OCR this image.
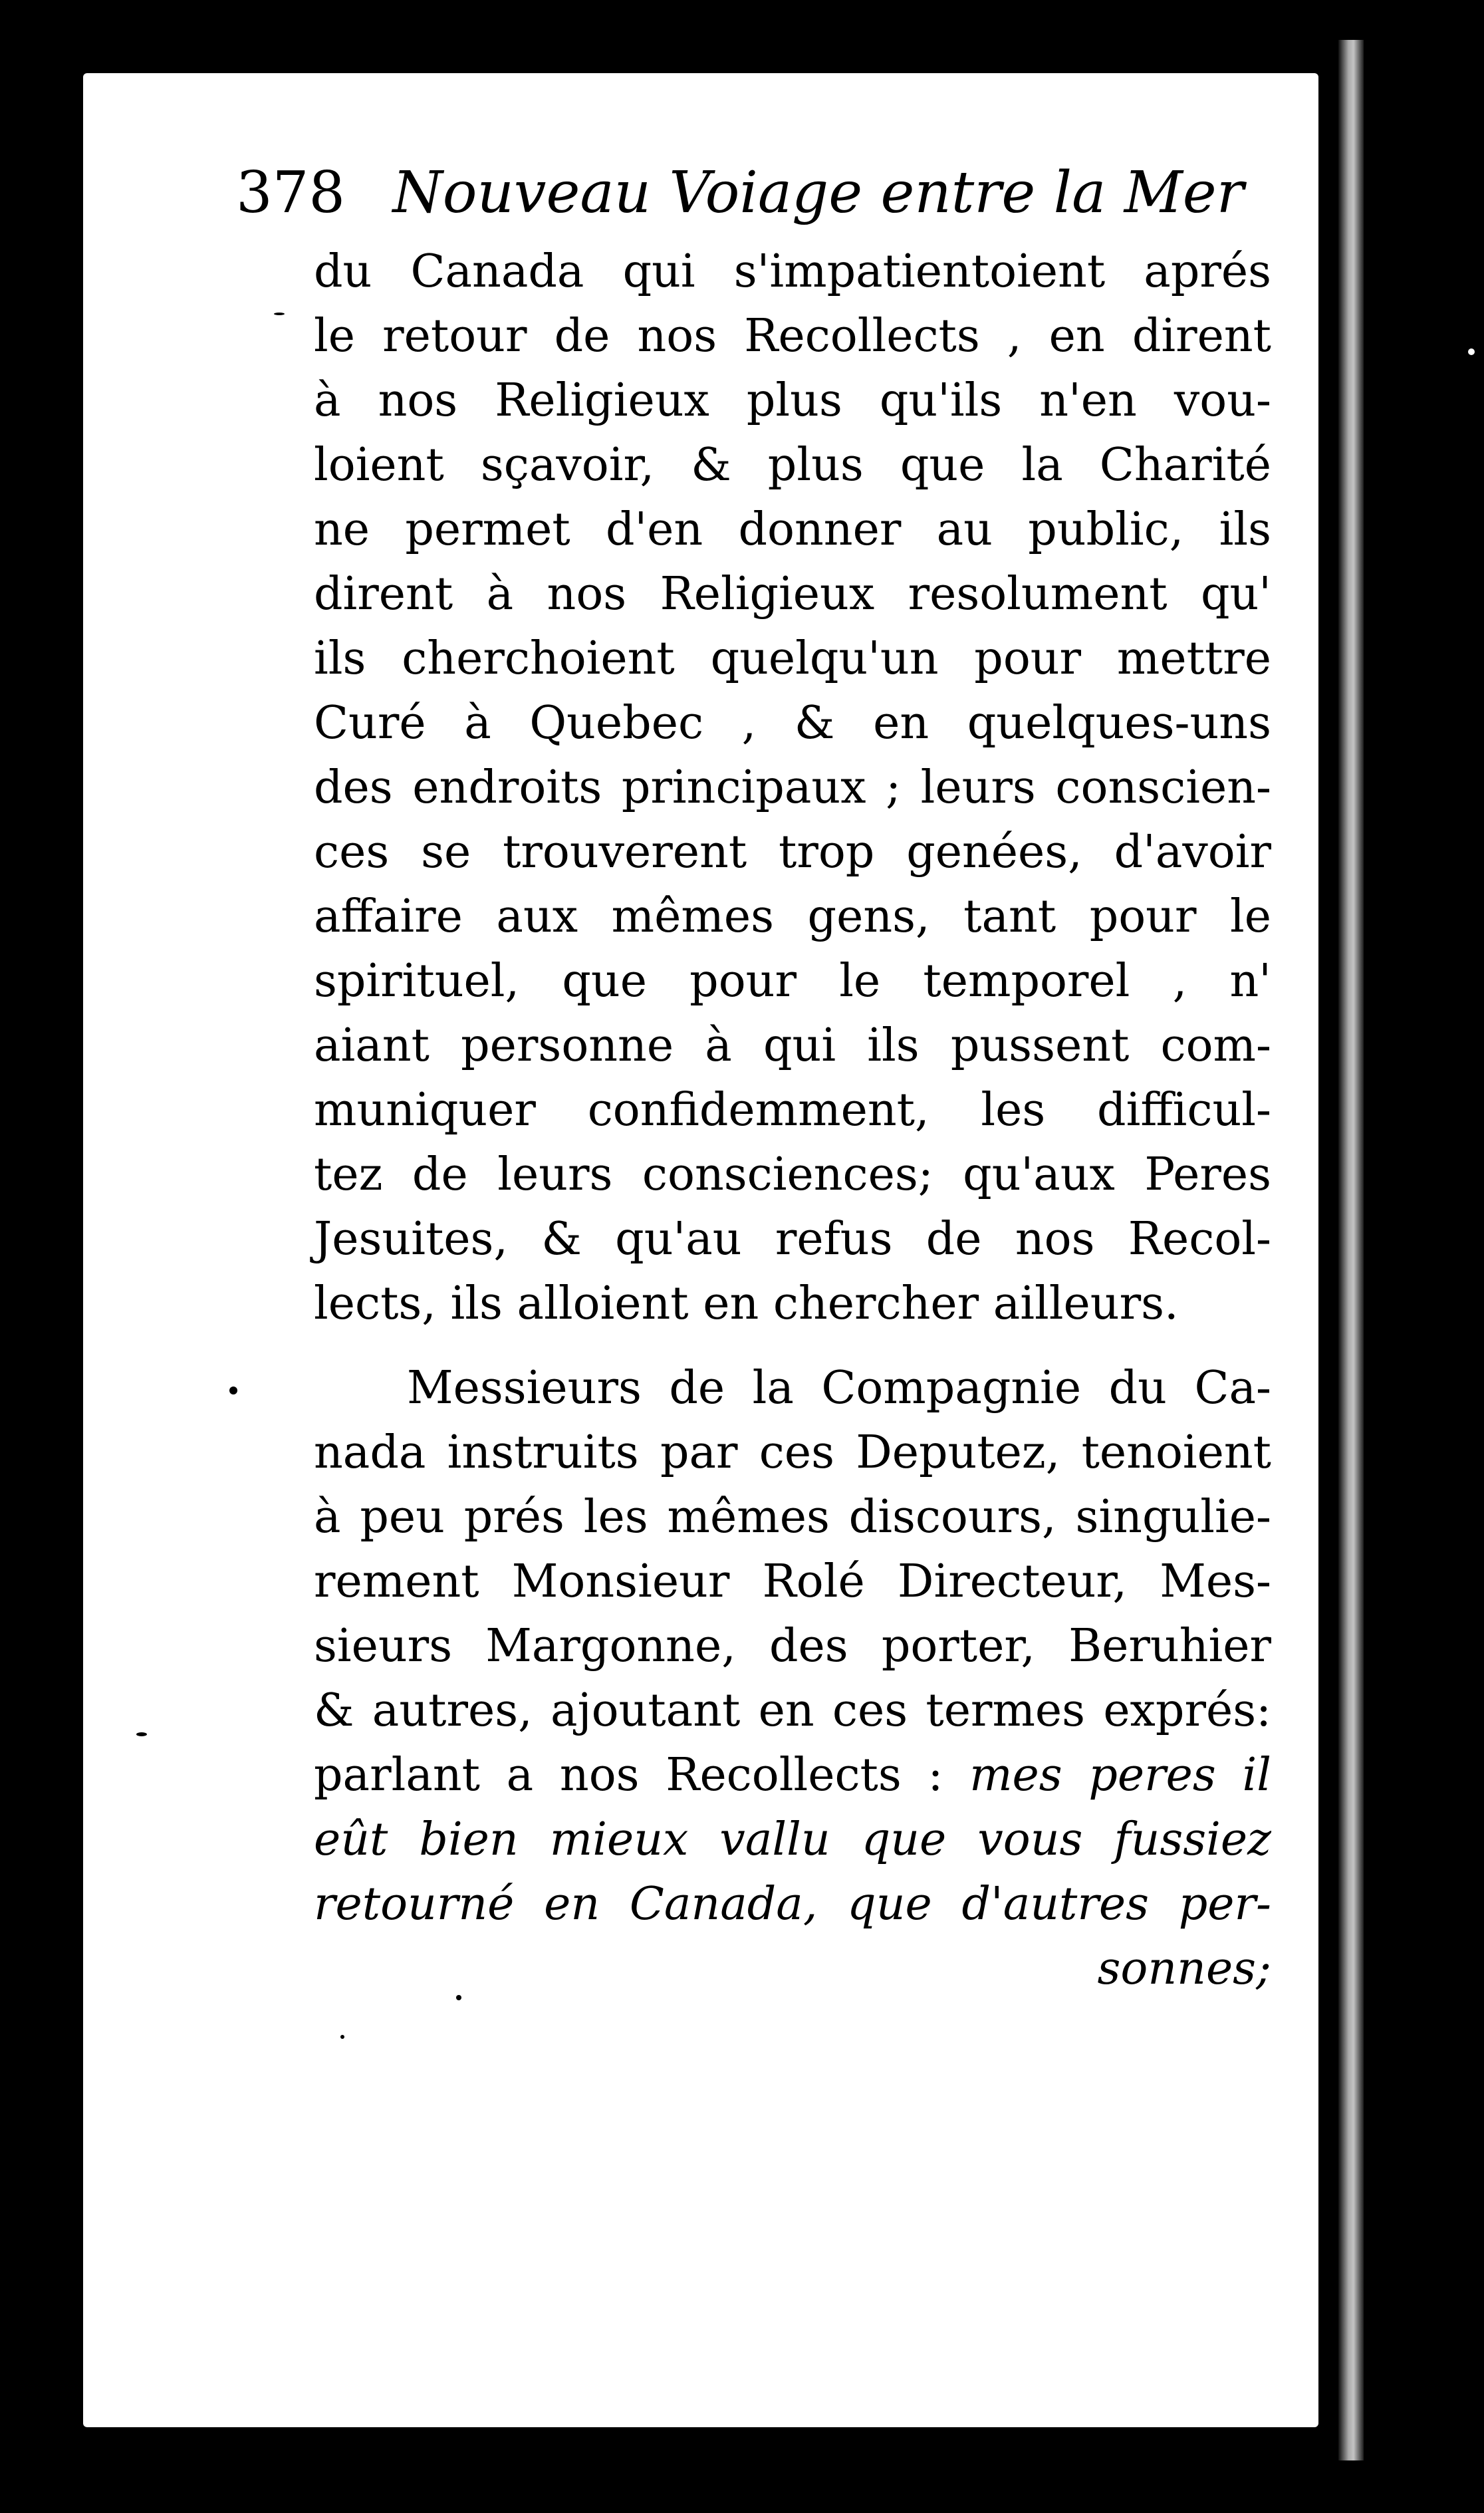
378 Nouveau Voiage entre la Mer
du Canada qui s'impatientoient aprés
le retour de nos Recollects , en dirent
à nos Religieux plus qu'ils n'en vou-
loient sçavoir, & plus que la Charité
ne permet d'en donner au public, ils
dirent à nos Religieux resolument qu'
ils cherchoient quelqu'un pour mettre
Curé à Quebec , & en quelques-uns
des endroits principaux ; leurs conscien-
ces se trouverent trop genées, d'avoir
affaire aux mêmes gens, tant pour le
spirituel, que pour le temporel , n'
aiant personne à qui ils pussent com-
muniquer confidemment, les difficul-
tez de leurs consciences; qu'aux Peres
Jesuites, & qu'au refus de nos Recol-
lects, ils alloient en chercher ailleurs.
Messieurs de la Compagnie du Ca-
nada instruits par ces Deputez, tenoient
à peu prés les mêmes discours, singulie-
rement Monsieur Rolé Directeur, Mes-
sieurs Margonne, des porter, Beruhier
& autres, ajoutant en ces termes exprés:
parlant a nos Recollects : mes peres il
eût bien mieux vallu que vous fussiez
retourné en Canada, que d'autres per-
sonnes;
